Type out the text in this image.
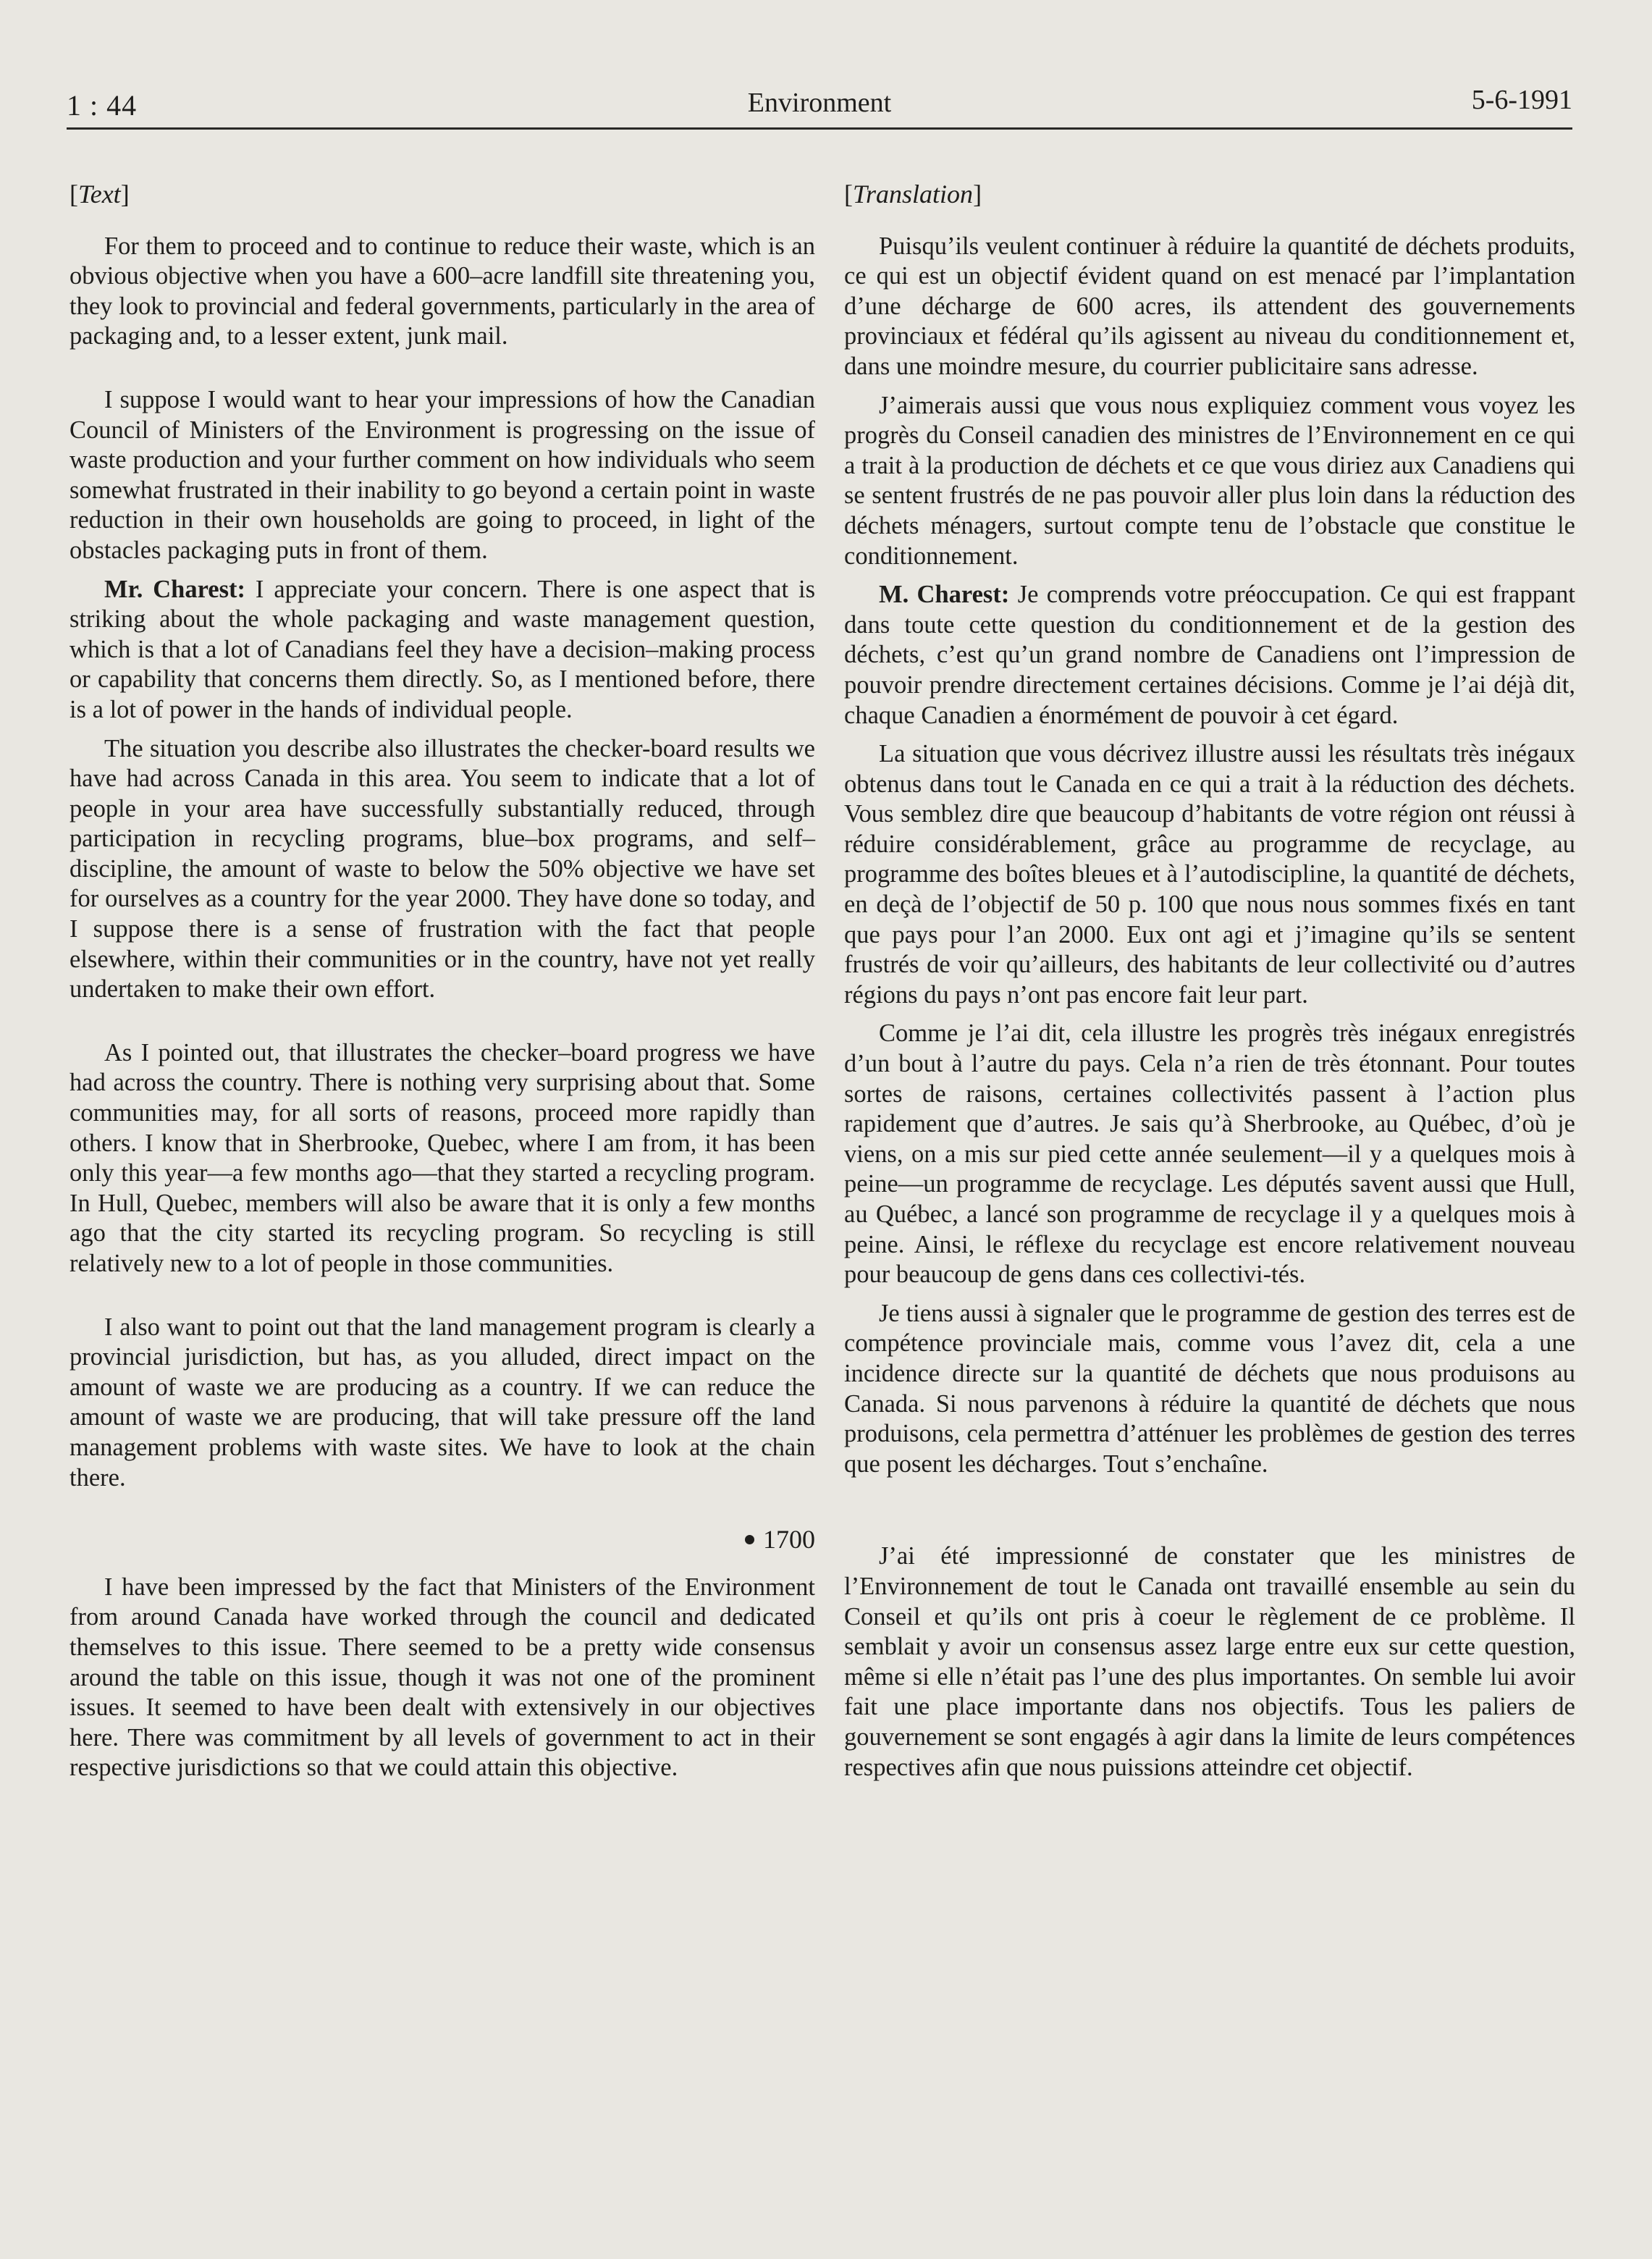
1 : 44	Environment	5-6-1991
[Text]

For them to proceed and to continue to reduce their waste, which is an obvious objective when you have a 600–acre landfill site threatening you, they look to provincial and federal governments, particularly in the area of packaging and, to a lesser extent, junk mail.

I suppose I would want to hear your impressions of how the Canadian Council of Ministers of the Environment is progressing on the issue of waste production and your further comment on how individuals who seem somewhat frustrated in their inability to go beyond a certain point in waste reduction in their own households are going to proceed, in light of the obstacles packaging puts in front of them.

Mr. Charest: I appreciate your concern. There is one aspect that is striking about the whole packaging and waste management question, which is that a lot of Canadians feel they have a decision–making process or capability that concerns them directly. So, as I mentioned before, there is a lot of power in the hands of individual people.

The situation you describe also illustrates the checker-board results we have had across Canada in this area. You seem to indicate that a lot of people in your area have successfully substantially reduced, through participation in recycling programs, blue–box programs, and self–discipline, the amount of waste to below the 50% objective we have set for ourselves as a country for the year 2000. They have done so today, and I suppose there is a sense of frustration with the fact that people elsewhere, within their communities or in the country, have not yet really undertaken to make their own effort.

As I pointed out, that illustrates the checker–board progress we have had across the country. There is nothing very surprising about that. Some communities may, for all sorts of reasons, proceed more rapidly than others. I know that in Sherbrooke, Quebec, where I am from, it has been only this year—a few months ago—that they started a recycling program. In Hull, Quebec, members will also be aware that it is only a few months ago that the city started its recycling program. So recycling is still relatively new to a lot of people in those communities.

I also want to point out that the land management program is clearly a provincial jurisdiction, but has, as you alluded, direct impact on the amount of waste we are producing as a country. If we can reduce the amount of waste we are producing, that will take pressure off the land management problems with waste sites. We have to look at the chain there.

1700

I have been impressed by the fact that Ministers of the Environment from around Canada have worked through the council and dedicated themselves to this issue. There seemed to be a pretty wide consensus around the table on this issue, though it was not one of the prominent issues. It seemed to have been dealt with extensively in our objectives here. There was commitment by all levels of government to act in their respective jurisdictions so that we could attain this objective.

[Translation]

Puisqu’ils veulent continuer à réduire la quantité de déchets produits, ce qui est un objectif évident quand on est menacé par l’implantation d’une décharge de 600 acres, ils attendent des gouvernements provinciaux et fédéral qu’ils agissent au niveau du conditionnement et, dans une moindre mesure, du courrier publicitaire sans adresse.

J’aimerais aussi que vous nous expliquiez comment vous voyez les progrès du Conseil canadien des ministres de l’Environnement en ce qui a trait à la production de déchets et ce que vous diriez aux Canadiens qui se sentent frustrés de ne pas pouvoir aller plus loin dans la réduction des déchets ménagers, surtout compte tenu de l’obstacle que constitue le conditionnement.

M. Charest: Je comprends votre préoccupation. Ce qui est frappant dans toute cette question du conditionnement et de la gestion des déchets, c’est qu’un grand nombre de Canadiens ont l’impression de pouvoir prendre directement certaines décisions. Comme je l’ai déjà dit, chaque Canadien a énormément de pouvoir à cet égard.

La situation que vous décrivez illustre aussi les résultats très inégaux obtenus dans tout le Canada en ce qui a trait à la réduction des déchets. Vous semblez dire que beaucoup d’habitants de votre région ont réussi à réduire considérablement, grâce au programme de recyclage, au programme des boîtes bleues et à l’autodiscipline, la quantité de déchets, en deçà de l’objectif de 50 p. 100 que nous nous sommes fixés en tant que pays pour l’an 2000. Eux ont agi et j’imagine qu’ils se sentent frustrés de voir qu’ailleurs, des habitants de leur collectivité ou d’autres régions du pays n’ont pas encore fait leur part.

Comme je l’ai dit, cela illustre les progrès très inégaux enregistrés d’un bout à l’autre du pays. Cela n’a rien de très étonnant. Pour toutes sortes de raisons, certaines collectivités passent à l’action plus rapidement que d’autres. Je sais qu’à Sherbrooke, au Québec, d’où je viens, on a mis sur pied cette année seulement—il y a quelques mois à peine—un programme de recyclage. Les députés savent aussi que Hull, au Québec, a lancé son programme de recyclage il y a quelques mois à peine. Ainsi, le réflexe du recyclage est encore relativement nouveau pour beaucoup de gens dans ces collectivi-tés.

Je tiens aussi à signaler que le programme de gestion des terres est de compétence provinciale mais, comme vous l’avez dit, cela a une incidence directe sur la quantité de déchets que nous produisons au Canada. Si nous parvenons à réduire la quantité de déchets que nous produisons, cela permettra d’atténuer les problèmes de gestion des terres que posent les décharges. Tout s’enchaîne.

J’ai été impressionné de constater que les ministres de l’Environnement de tout le Canada ont travaillé ensemble au sein du Conseil et qu’ils ont pris à coeur le règlement de ce problème. Il semblait y avoir un consensus assez large entre eux sur cette question, même si elle n’était pas l’une des plus importantes. On semble lui avoir fait une place importante dans nos objectifs. Tous les paliers de gouvernement se sont engagés à agir dans la limite de leurs compétences respectives afin que nous puissions atteindre cet objectif.
